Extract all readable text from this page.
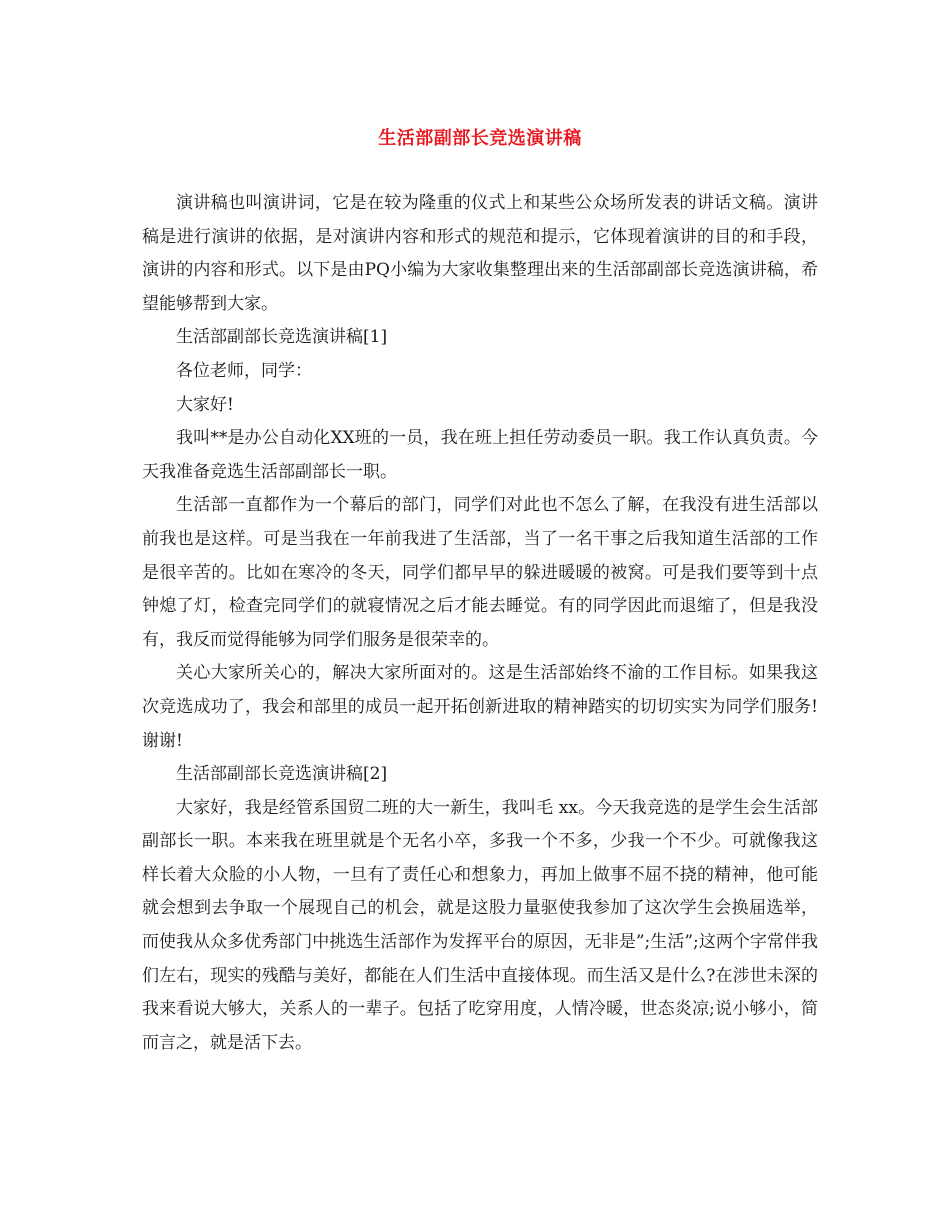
生活部副部长竞选演讲稿

演讲稿也叫演讲词，它是在较为隆重的仪式上和某些公众场所发表的讲话文稿。演讲稿是进行演讲的依据，是对演讲内容和形式的规范和提示，它体现着演讲的目的和手段，演讲的内容和形式。以下是由PQ小编为大家收集整理出来的生活部副部长竞选演讲稿，希望能够帮到大家。

生活部副部长竞选演讲稿[1]

各位老师，同学：

大家好!

我叫**是办公自动化XX班的一员，我在班上担任劳动委员一职。我工作认真负责。今天我准备竞选生活部副部长一职。

生活部一直都作为一个幕后的部门，同学们对此也不怎么了解，在我没有进生活部以前我也是这样。可是当我在一年前我进了生活部，当了一名干事之后我知道生活部的工作是很辛苦的。比如在寒冷的冬天，同学们都早早的躲进暖暖的被窝。可是我们要等到十点钟熄了灯，检查完同学们的就寝情况之后才能去睡觉。有的同学因此而退缩了，但是我没有，我反而觉得能够为同学们服务是很荣幸的。

关心大家所关心的，解决大家所面对的。这是生活部始终不渝的工作目标。如果我这次竞选成功了，我会和部里的成员一起开拓创新进取的精神踏实的切切实实为同学们服务!谢谢!

生活部副部长竞选演讲稿[2]

大家好，我是经管系国贸二班的大一新生，我叫毛 xx。今天我竞选的是学生会生活部副部长一职。本来我在班里就是个无名小卒，多我一个不多，少我一个不少。可就像我这样长着大众脸的小人物，一旦有了责任心和想象力，再加上做事不屈不挠的精神，他可能就会想到去争取一个展现自己的机会，就是这股力量驱使我参加了这次学生会换届选举，而使我从众多优秀部门中挑选生活部作为发挥平台的原因，无非是”;生活”;这两个字常伴我们左右，现实的残酷与美好，都能在人们生活中直接体现。而生活又是什么?在涉世未深的我来看说大够大，关系人的一辈子。包括了吃穿用度，人情冷暖，世态炎凉;说小够小，简而言之，就是活下去。
